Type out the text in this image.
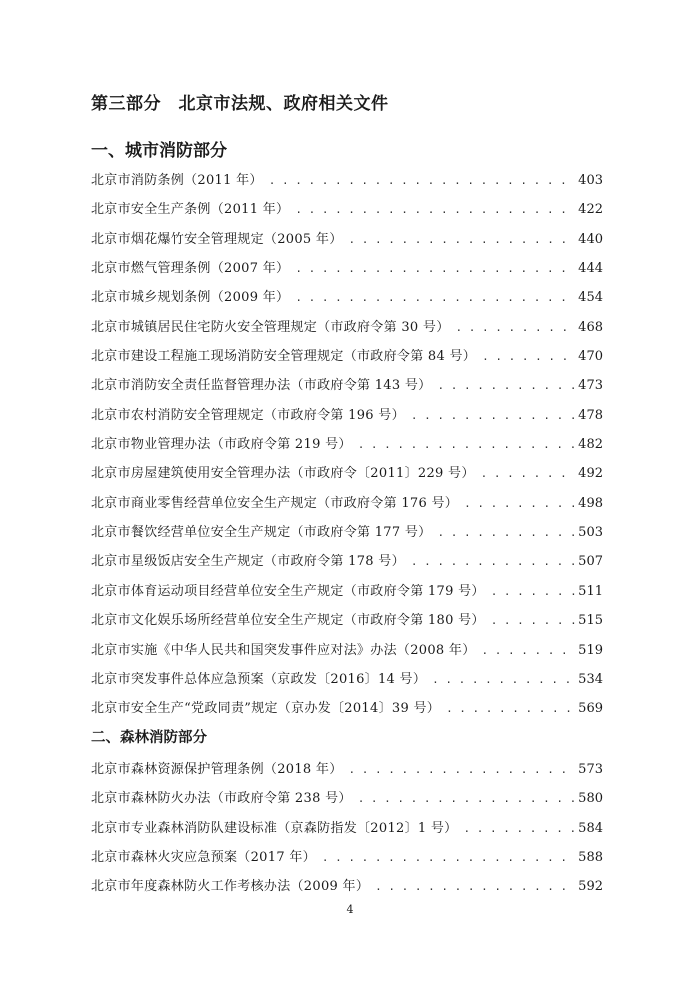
第三部分　北京市法规、政府相关文件
一、城市消防部分
北京市消防条例（2011 年） . . .	403
北京市安全生产条例（2011 年） . . .	422
北京市烟花爆竹安全管理规定（2005 年） . . .	440
北京市燃气管理条例（2007 年） . . .	444
北京市城乡规划条例（2009 年） . . .	454
北京市城镇居民住宅防火安全管理规定（市政府令第 30 号） . . .	468
北京市建设工程施工现场消防安全管理规定（市政府令第 84 号） . . .	470
北京市消防安全责任监督管理办法（市政府令第 143 号） . . .	473
北京市农村消防安全管理规定（市政府令第 196 号） . . .	478
北京市物业管理办法（市政府令第 219 号） . . .	482
北京市房屋建筑使用安全管理办法（市政府令〔2011〕229 号） . . .	492
北京市商业零售经营单位安全生产规定（市政府令第 176 号） . . .	498
北京市餐饮经营单位安全生产规定（市政府令第 177 号） . . .	503
北京市星级饭店安全生产规定（市政府令第 178 号） . . .	507
北京市体育运动项目经营单位安全生产规定（市政府令第 179 号） . . .	511
北京市文化娱乐场所经营单位安全生产规定（市政府令第 180 号） . . .	515
北京市实施《中华人民共和国突发事件应对法》办法（2008 年） . . .	519
北京市突发事件总体应急预案（京政发〔2016〕14 号） . . .	534
北京市安全生产“党政同责”规定（京办发〔2014〕39 号） . . .	569
二、森林消防部分
北京市森林资源保护管理条例（2018 年） . . .	573
北京市森林防火办法（市政府令第 238 号） . . .	580
北京市专业森林消防队建设标准（京森防指发〔2012〕1 号） . . .	584
北京市森林火灾应急预案（2017 年） . . .	588
北京市年度森林防火工作考核办法（2009 年） . . .	592
4
